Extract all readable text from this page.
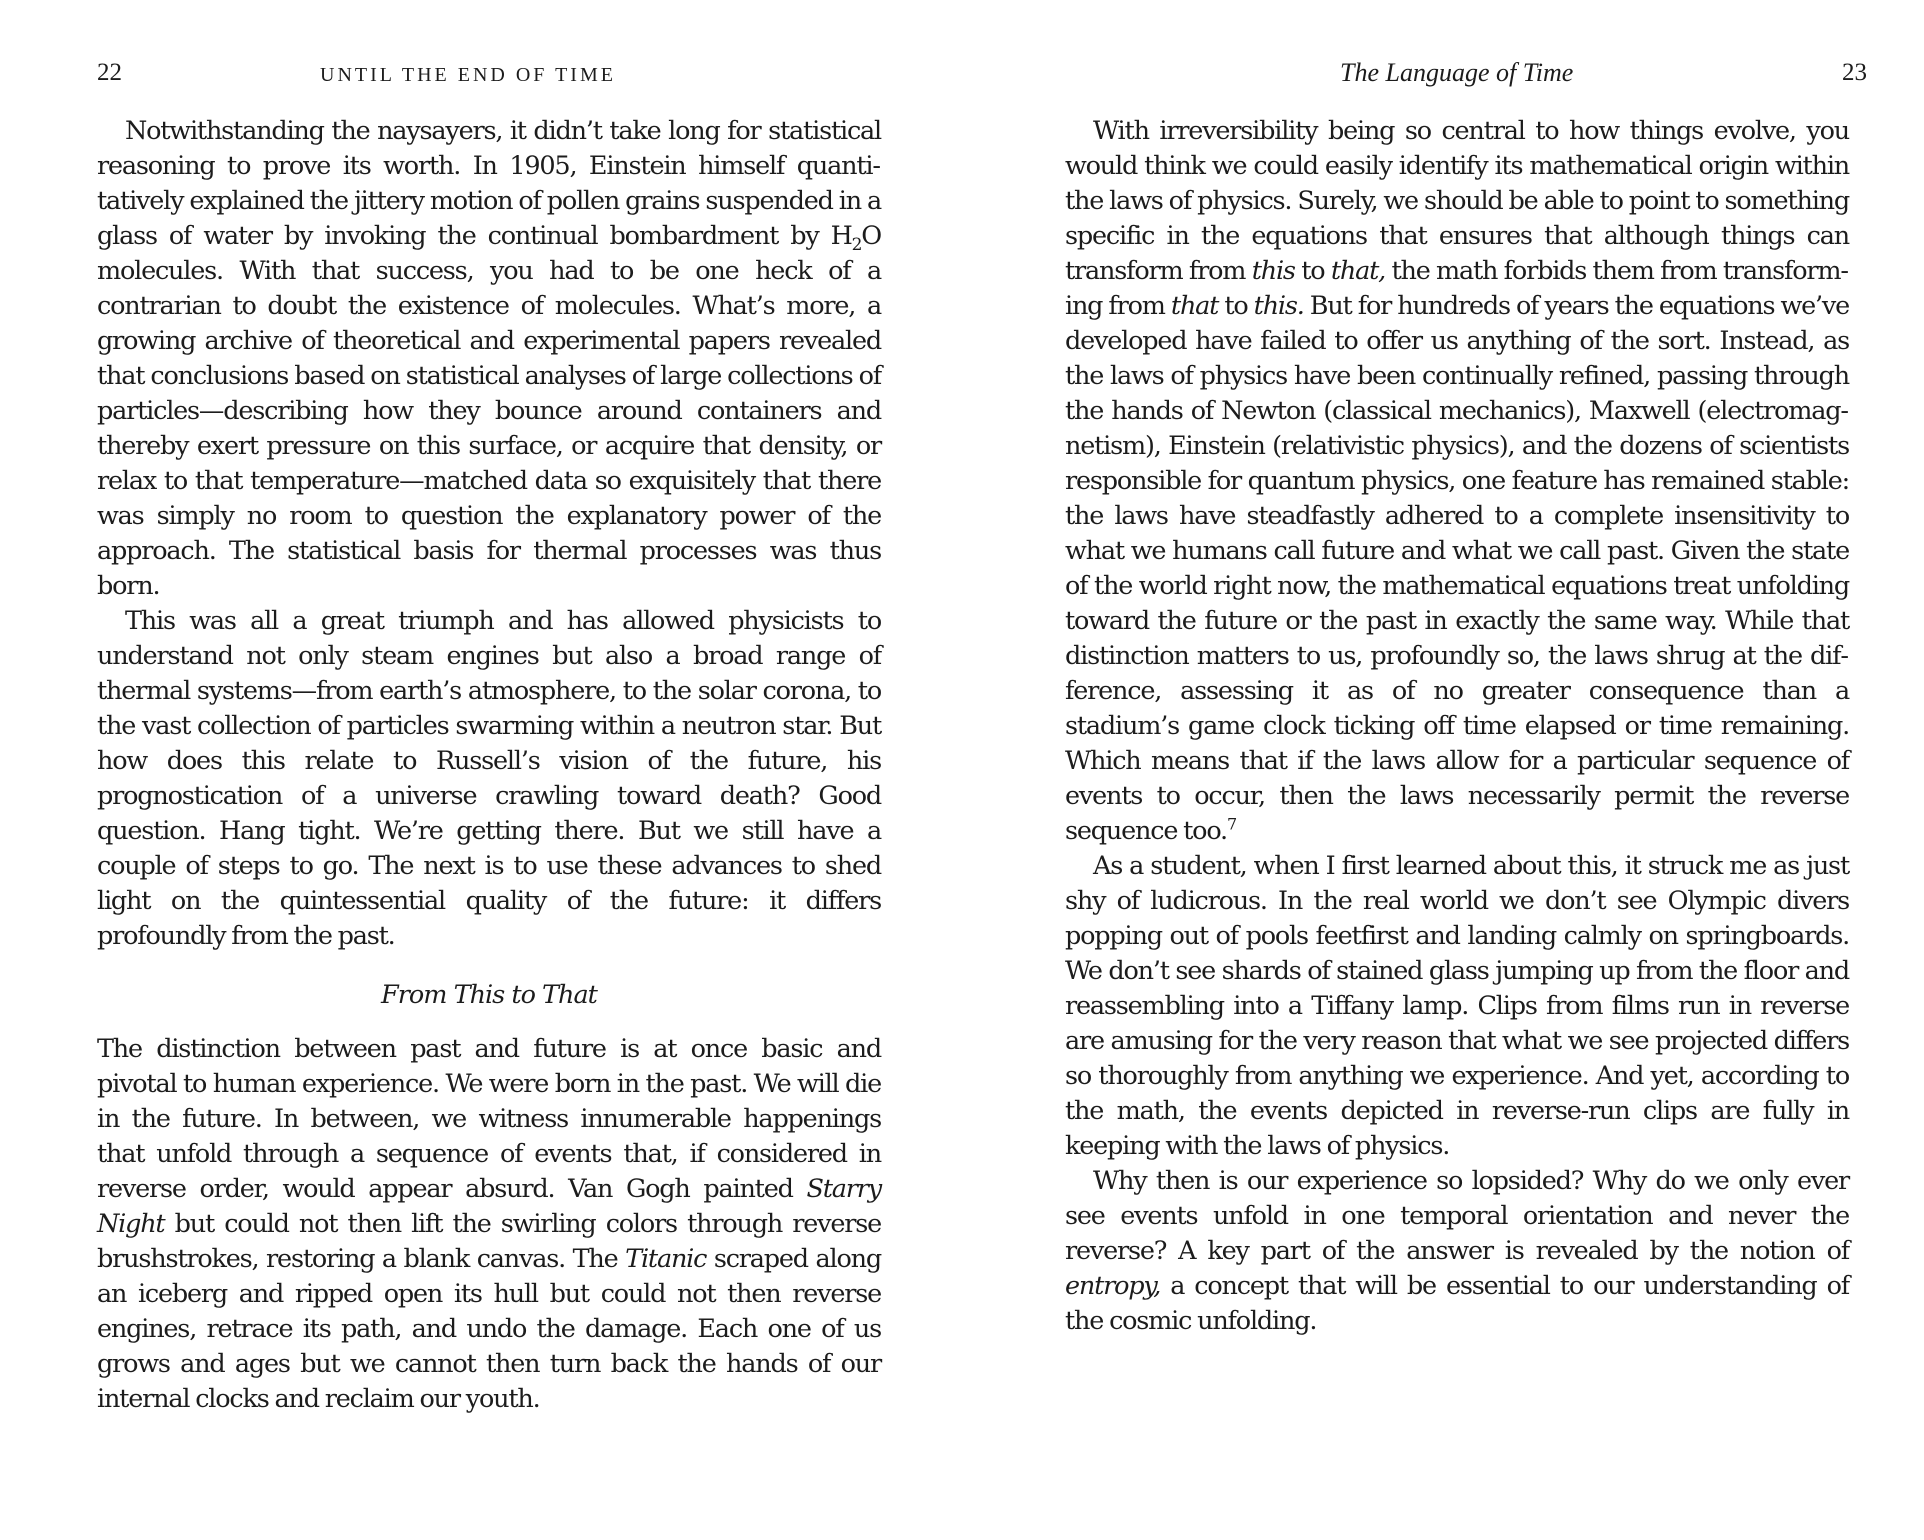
22	UNTIL THE END OF TIME

Notwithstanding the naysayers, it didn’t take long for statistical reasoning to prove its worth. In 1905, Einstein himself quantitatively explained the jittery motion of pollen grains suspended in a glass of water by invoking the continual bombardment by $H_2O$ molecules. With that success, you had to be one heck of a contrarian to doubt the existence of molecules. What’s more, a growing archive of theoretical and experimental papers revealed that conclusions based on statistical analyses of large collections of particles—describing how they bounce around containers and thereby exert pressure on this surface, or acquire that density, or relax to that temperature—matched data so exquisitely that there was simply no room to question the explanatory power of the approach. The statistical basis for thermal processes was thus born.

This was all a great triumph and has allowed physicists to understand not only steam engines but also a broad range of thermal systems—from earth’s atmosphere, to the solar corona, to the vast collection of particles swarming within a neutron star. But how does this relate to Russell’s vision of the future, his prognostication of a universe crawling toward death? Good question. Hang tight. We’re getting there. But we still have a couple of steps to go. The next is to use these advances to shed light on the quintessential quality of the future: it differs profoundly from the past.

From This to That

The distinction between past and future is at once basic and pivotal to human experience. We were born in the past. We will die in the future. In between, we witness innumerable happenings that unfold through a sequence of events that, if considered in reverse order, would appear absurd. Van Gogh painted Starry Night but could not then lift the swirling colors through reverse brushstrokes, restoring a blank canvas. The Titanic scraped along an iceberg and ripped open its hull but could not then reverse engines, retrace its path, and undo the damage. Each one of us grows and ages but we cannot then turn back the hands of our internal clocks and reclaim our youth.

The Language of Time	23

With irreversibility being so central to how things evolve, you would think we could easily identify its mathematical origin within the laws of physics. Surely, we should be able to point to something specific in the equations that ensures that although things can transform from this to that, the math forbids them from transforming from that to this. But for hundreds of years the equations we’ve developed have failed to offer us anything of the sort. Instead, as the laws of physics have been continually refined, passing through the hands of Newton (classical mechanics), Maxwell (electromagnetism), Einstein (relativistic physics), and the dozens of scientists responsible for quantum physics, one feature has remained stable: the laws have steadfastly adhered to a complete insensitivity to what we humans call future and what we call past. Given the state of the world right now, the mathematical equations treat unfolding toward the future or the past in exactly the same way. While that distinction matters to us, profoundly so, the laws shrug at the difference, assessing it as of no greater consequence than a stadium’s game clock ticking off time elapsed or time remaining. Which means that if the laws allow for a particular sequence of events to occur, then the laws necessarily permit the reverse sequence too.$^7$

As a student, when I first learned about this, it struck me as just shy of ludicrous. In the real world we don’t see Olympic divers popping out of pools feetfirst and landing calmly on springboards. We don’t see shards of stained glass jumping up from the floor and reassembling into a Tiffany lamp. Clips from films run in reverse are amusing for the very reason that what we see projected differs so thoroughly from anything we experience. And yet, according to the math, the events depicted in reverse-run clips are fully in keeping with the laws of physics.

Why then is our experience so lopsided? Why do we only ever see events unfold in one temporal orientation and never the reverse? A key part of the answer is revealed by the notion of entropy, a concept that will be essential to our understanding of the cosmic unfolding.
